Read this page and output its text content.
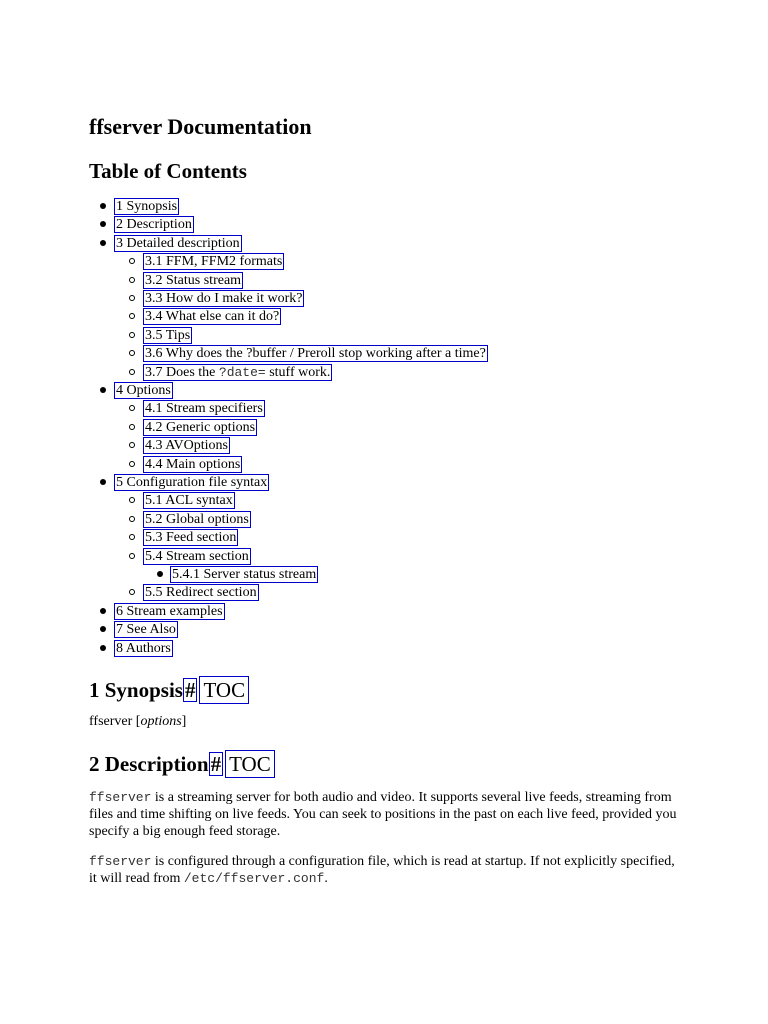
ffserver Documentation
Table of Contents
1 Synopsis
2 Description
3 Detailed description
3.1 FFM, FFM2 formats
3.2 Status stream
3.3 How do I make it work?
3.4 What else can it do?
3.5 Tips
3.6 Why does the ?buffer / Preroll stop working after a time?
3.7 Does the ?date= stuff work.
4 Options
4.1 Stream specifiers
4.2 Generic options
4.3 AVOptions
4.4 Main options
5 Configuration file syntax
5.1 ACL syntax
5.2 Global options
5.3 Feed section
5.4 Stream section
5.4.1 Server status stream
5.5 Redirect section
6 Stream examples
7 See Also
8 Authors
1 Synopsis # TOC

ffserver [options]

2 Description # TOC

ffserver is a streaming server for both audio and video. It supports several live feeds, streaming from files and time shifting on live feeds. You can seek to positions in the past on each live feed, provided you specify a big enough feed storage.

ffserver is configured through a configuration file, which is read at startup. If not explicitly specified, it will read from /etc/ffserver.conf.
